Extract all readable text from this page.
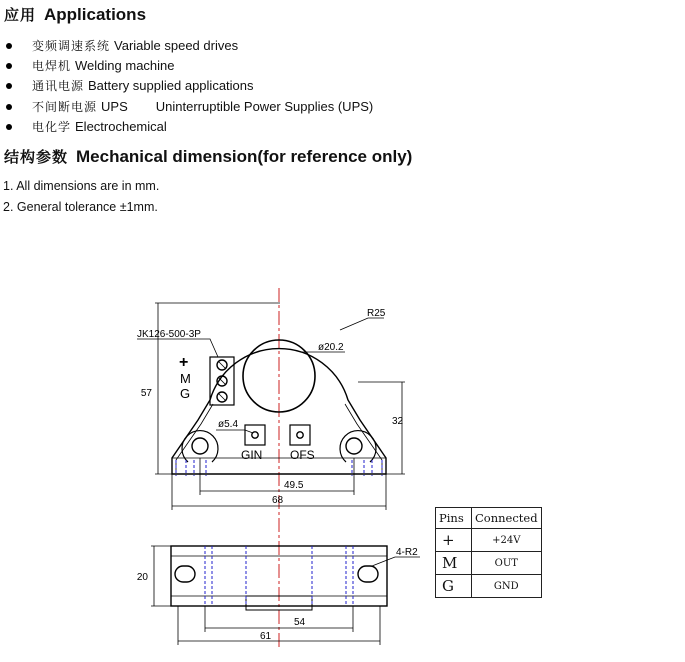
应用 Applications
变频调速系统 Variable speed drives
电焊机 Welding machine
通讯电源 Battery supplied applications
不间断电源 UPS Uninterruptible Power Supplies (UPS)
电化学 Electrochemical
结构参数 Mechanical dimension(for reference only)
1. All dimensions are in mm.
2. General tolerance ±1mm.
JK126-500-3P
R25
ø20.2
ø5.4
57
32
49.5
68
+
M
G
GIN OFS
20
54
61
4-R2
Pins	Connected
+	+24V
M	OUT
G	GND
